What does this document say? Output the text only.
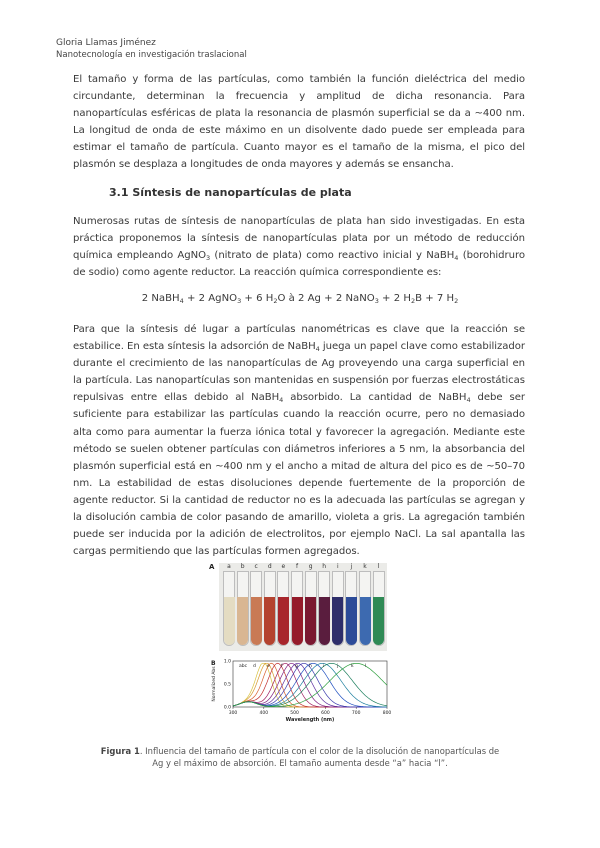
Gloria Llamas Jiménez
Nanotecnología en investigación traslacional

El tamaño y forma de las partículas, como también la función dieléctrica del medio circundante, determinan la frecuencia y amplitud de dicha resonancia. Para nanopartículas esféricas de plata la resonancia de plasmón superficial se da a ~400 nm. La longitud de onda de este máximo en un disolvente dado puede ser empleada para estimar el tamaño de partícula. Cuanto mayor es el tamaño de la misma, el pico del plasmón se desplaza a longitudes de onda mayores y además se ensancha.

3.1 Síntesis de nanopartículas de plata

Numerosas rutas de síntesis de nanopartículas de plata han sido investigadas. En esta práctica proponemos la síntesis de nanopartículas plata por un método de reducción química empleando AgNO$_3$ (nitrato de plata) como reactivo inicial y NaBH$_4$ (borohidruro de sodio) como agente reductor. La reacción química correspondiente es:

2 NaBH$_4$ + 2 AgNO$_3$ + 6 $H_2O$ à 2 Ag + 2 NaNO$_3$ + 2 $H_2B + 7$ $H_2$

Para que la síntesis dé lugar a partículas nanométricas es clave que la reacción se estabilice. En esta síntesis la adsorción de NaBH$_4$ juega un papel clave como estabilizador durante el crecimiento de las nanopartículas de Ag proveyendo una carga superficial en la partícula. Las nanopartículas son mantenidas en suspensión por fuerzas electrostáticas repulsivas entre ellas debido al NaBH$_4$ absorbido. La cantidad de NaBH$_4$ debe ser suficiente para estabilizar las partículas cuando la reacción ocurre, pero no demasiado alta como para aumentar la fuerza iónica total y favorecer la agregación. Mediante este método se suelen obtener partículas con diámetros inferiores a 5 nm, la absorbancia del plasmón superficial está en ~400 nm y el ancho a mitad de altura del pico es de ~50–70 nm. La estabilidad de estas disoluciones depende fuertemente de la proporción de agente reductor. Si la cantidad de reductor no es la adecuada las partículas se agregan y la disolución cambia de color pasando de amarillo, violeta a gris. La agregación también puede ser inducida por la adición de electrolitos, por ejemplo NaCl. La sal apantalla las cargas permitiendo que las partículas formen agregados.

A	a	b	c	d	e	f	g	h	i	j	k	l
B	abc d e f	g h i	j	k	l
300	400	500	600	700	800
0.0
0.5
1.0
Wavelength (nm)
Normalized Abs
Figura 1. Influencia del tamaño de partícula con el color de la disolución de nanopartículas de
Ag y el máximo de absorción. El tamaño aumenta desde “a” hacia “l”.
